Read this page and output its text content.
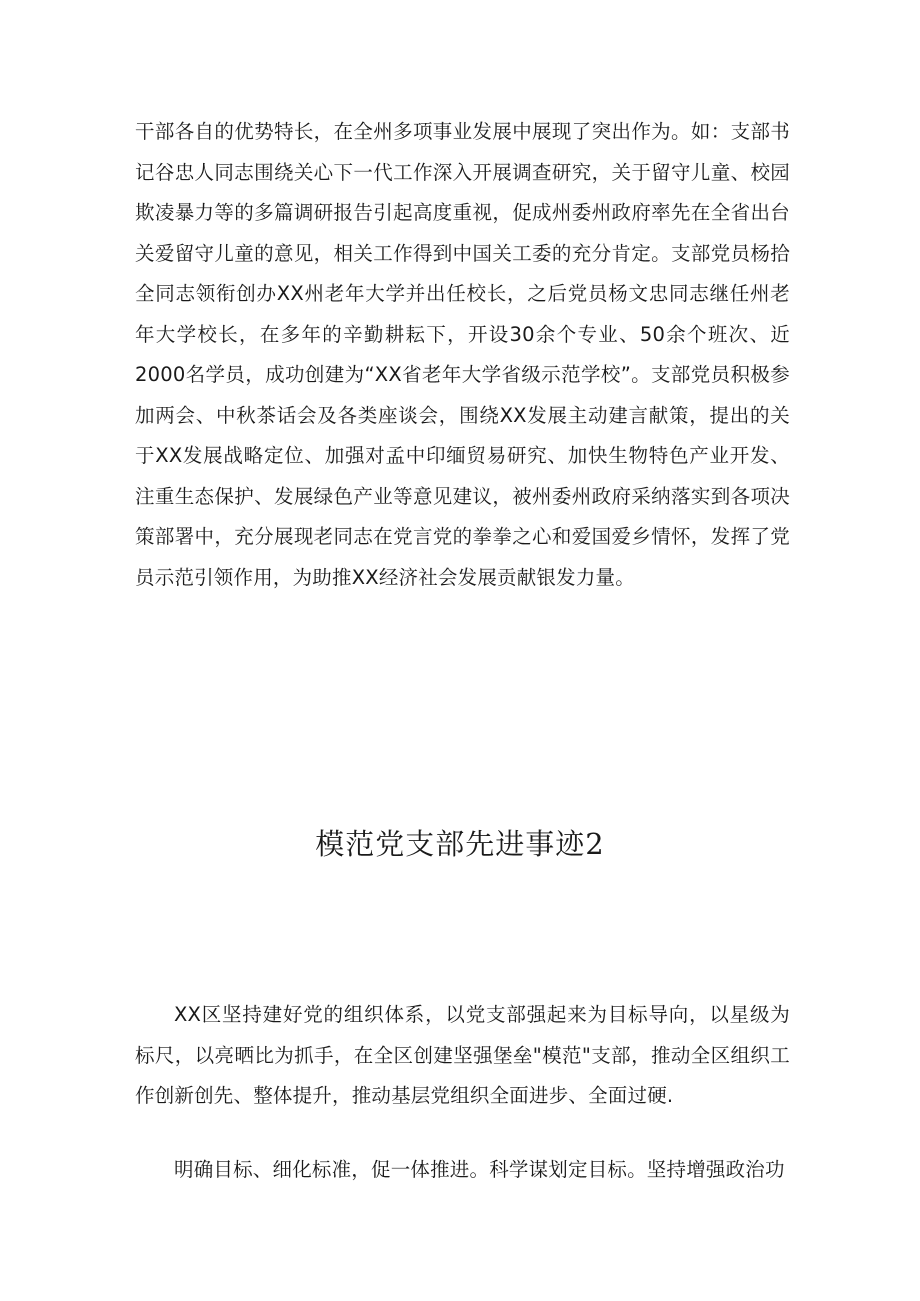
干部各自的优势特长，在全州多项事业发展中展现了突出作为。如：支部书记谷忠人同志围绕关心下一代工作深入开展调查研究，关于留守儿童、校园欺凌暴力等的多篇调研报告引起高度重视，促成州委州政府率先在全省出台关爱留守儿童的意见，相关工作得到中国关工委的充分肯定。支部党员杨拾全同志领衔创办XX州老年大学并出任校长，之后党员杨文忠同志继任州老年大学校长，在多年的辛勤耕耘下，开设30余个专业、50余个班次、近2000名学员，成功创建为“XX省老年大学省级示范学校”。支部党员积极参加两会、中秋茶话会及各类座谈会，围绕XX发展主动建言献策，提出的关于XX发展战略定位、加强对孟中印缅贸易研究、加快生物特色产业开发、注重生态保护、发展绿色产业等意见建议，被州委州政府采纳落实到各项决策部署中，充分展现老同志在党言党的拳拳之心和爱国爱乡情怀，发挥了党员示范引领作用，为助推XX经济社会发展贡献银发力量。

模范党支部先进事迹2

XX区坚持建好党的组织体系，以党支部强起来为目标导向，以星级为标尺，以亮晒比为抓手，在全区创建坚强堡垒"模范"支部，推动全区组织工作创新创先、整体提升，推动基层党组织全面进步、全面过硬.

明确目标、细化标准，促一体推进。科学谋划定目标。坚持增强政治功
